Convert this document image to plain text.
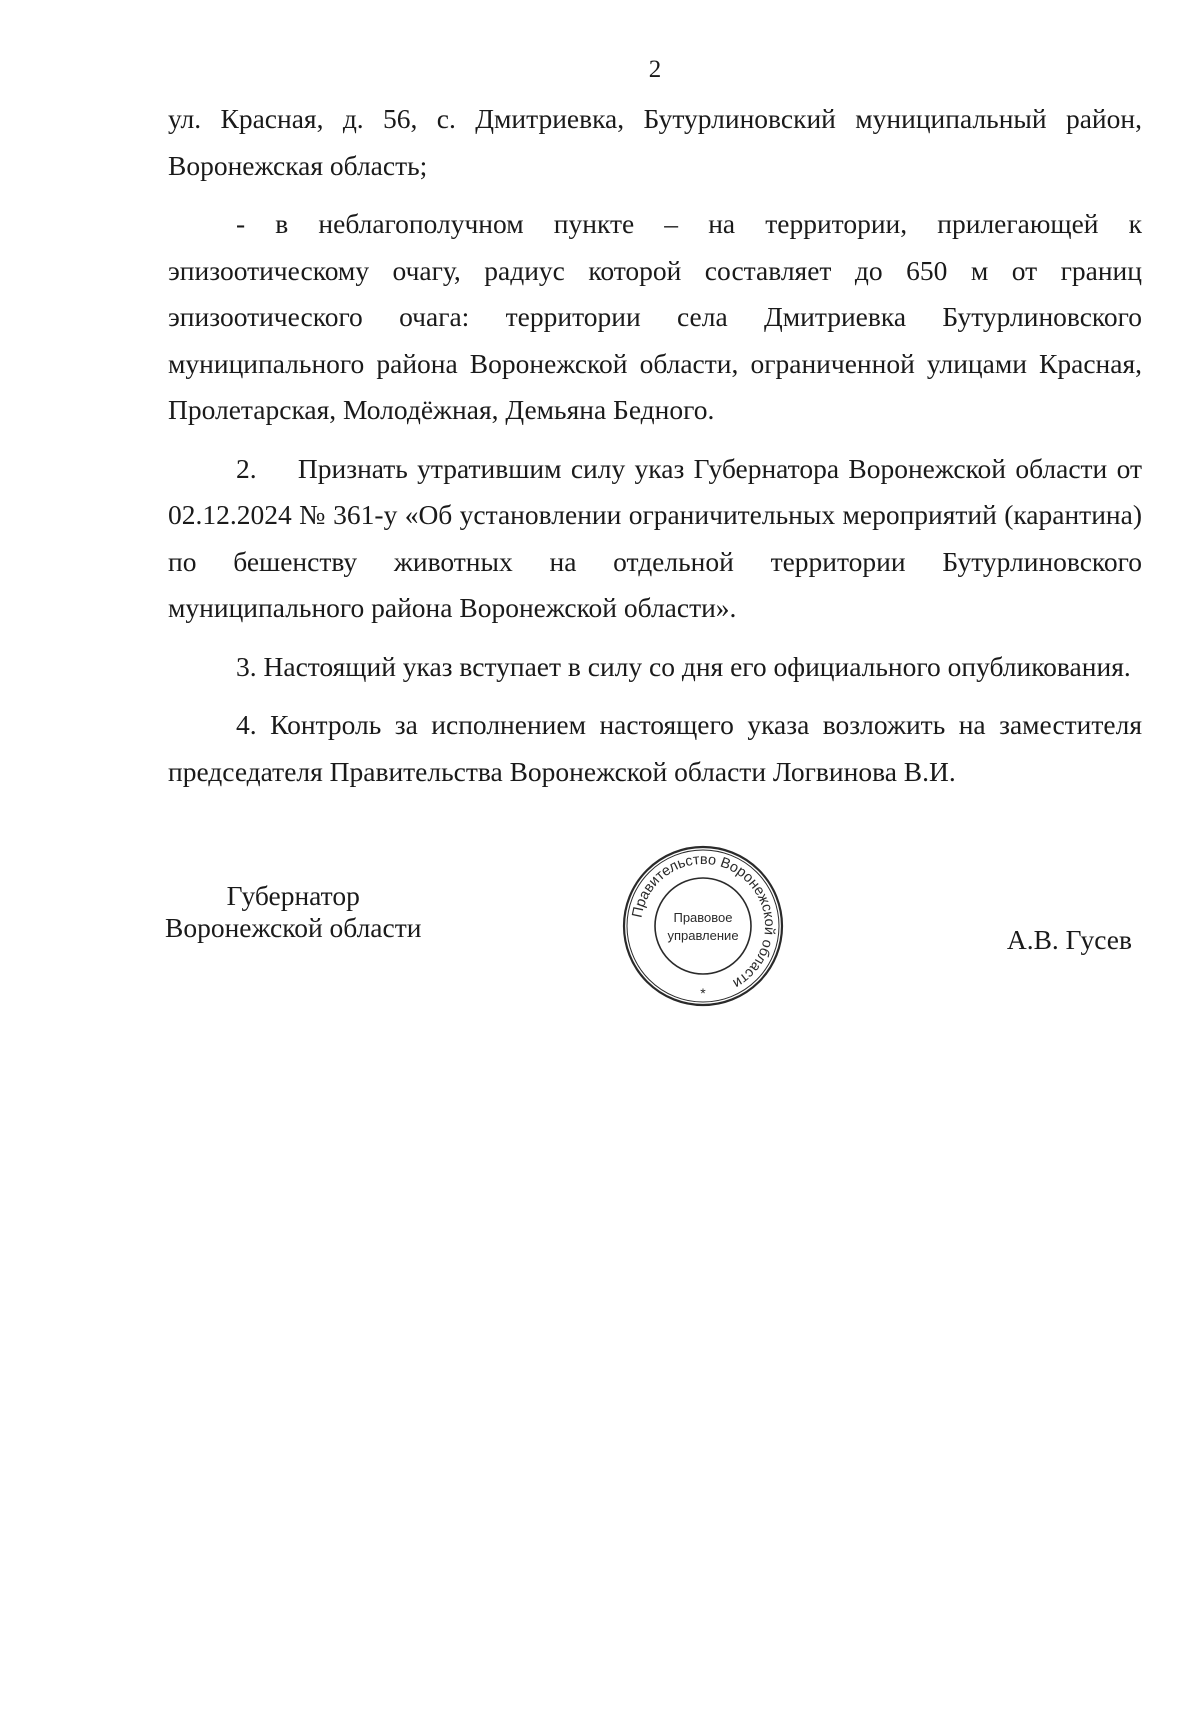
2

ул. Красная, д. 56, с. Дмитриевка, Бутурлиновский муниципальный район, Воронежская область;

- в неблагополучном пункте – на территории, прилегающей к эпизоотическому очагу, радиус которой составляет до 650 м от границ эпизоотического очага: территории села Дмитриевка Бутурлиновского муниципального района Воронежской области, ограниченной улицами Красная, Пролетарская, Молодёжная, Демьяна Бедного.

2.  Признать утратившим силу указ Губернатора Воронежской области от 02.12.2024 № 361-у «Об установлении ограничительных мероприятий (карантина) по бешенству животных на отдельной территории Бутурлиновского муниципального района Воронежской области».

3. Настоящий указ вступает в силу со дня его официального опубликования.

4. Контроль за исполнением настоящего указа возложить на заместителя председателя Правительства Воронежской области Логвинова В.И.

Губернатор
Воронежской области	Правительство Воронежской области
Правовое
управление
*
А.В. Гусев
